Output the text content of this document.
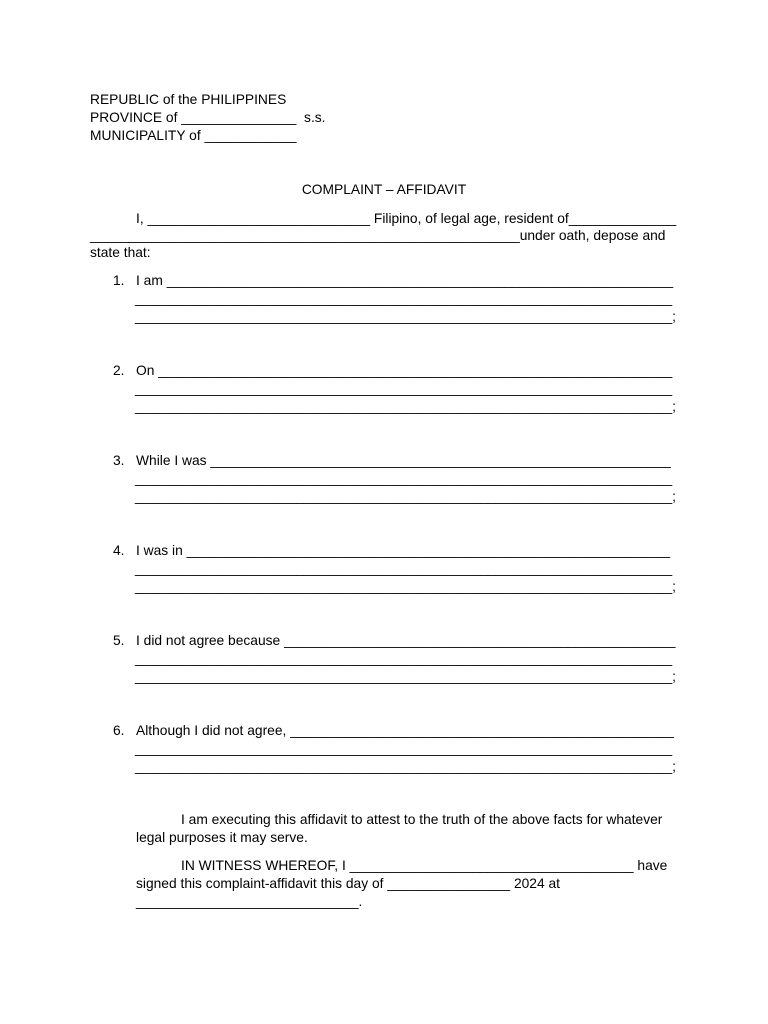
REPUBLIC of the PHILIPPINES
PROVINCE of _______________ s.s.
MUNICIPALITY of ____________
COMPLAINT – AFFIDAVIT
I, _____________________________ Filipino, of legal age, resident of______________
________________________________________________________under oath, depose and
state that:
1. I am __________________________________________________________________
______________________________________________________________________
______________________________________________________________________;
2. On ___________________________________________________________________
______________________________________________________________________
______________________________________________________________________;
3. While I was ____________________________________________________________
______________________________________________________________________
______________________________________________________________________;
4. I was in _______________________________________________________________
______________________________________________________________________
______________________________________________________________________;
5. I did not agree because ___________________________________________________
______________________________________________________________________
______________________________________________________________________;
6. Although I did not agree, __________________________________________________
______________________________________________________________________
______________________________________________________________________;
I am executing this affidavit to attest to the truth of the above facts for whatever
legal purposes it may serve.
IN WITNESS WHEREOF, I _____________________________________ have
signed this complaint-affidavit this day of ________________ 2024 at
_____________________________.
